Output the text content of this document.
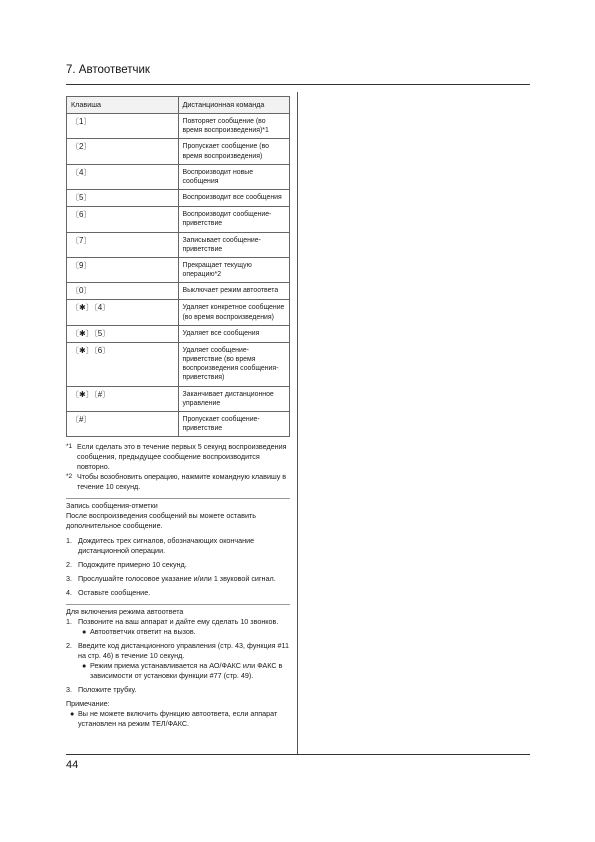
7. Автоответчик
Клавиша	Дистанционная команда
〔1〕	Повторяет сообщение (во время воспроизведения)*1
〔2〕	Пропускает сообщение (во время воспроизведения)
〔4〕	Воспроизводит новые сообщения
〔5〕	Воспроизводит все сообщения
〔6〕	Воспроизводит сообщение-приветствие
〔7〕	Записывает сообщение-приветствие
〔9〕	Прекращает текущую операцию*2
〔0〕	Выключает режим автоответа
〔✱〕〔4〕	Удаляет конкретное сообщение (во время воспроизведения)
〔✱〕〔5〕	Удаляет все сообщения
〔✱〕〔6〕	Удаляет сообщение-приветствие (во время воспроизведения сообщения-приветствия)
〔✱〕〔#〕	Заканчивает дистанционное управление
〔#〕	Пропускает сообщение-приветствие
*1 Если сделать это в течение первых 5 секунд воспроизведения сообщения, предыдущее сообщение воспроизводится повторно.
*2 Чтобы возобновить операцию, нажмите командную клавишу в течение 10 секунд.
Запись сообщения-отметки
После воспроизведения сообщений вы можете оставить дополнительное сообщение.
1. Дождитесь трех сигналов, обозначающих окончание дистанционной операции.
2. Подождите примерно 10 секунд.
3. Прослушайте голосовое указание и/или 1 звуковой сигнал.
4. Оставьте сообщение.
Для включения режима автоответа
1. Позвоните на ваш аппарат и дайте ему сделать 10 звонков.
● Автоответчик ответит на вызов.
2. Введите код дистанционного управления (стр. 43, функция #11 на стр. 46) в течение 10 секунд.
● Режим приема устанавливается на АО/ФАКС или ФАКС в зависимости от установки функции #77 (стр. 49).
3. Положите трубку.
Примечание:
● Вы не можете включить функцию автоответа, если аппарат установлен на режим ТЕЛ/ФАКС.
44
